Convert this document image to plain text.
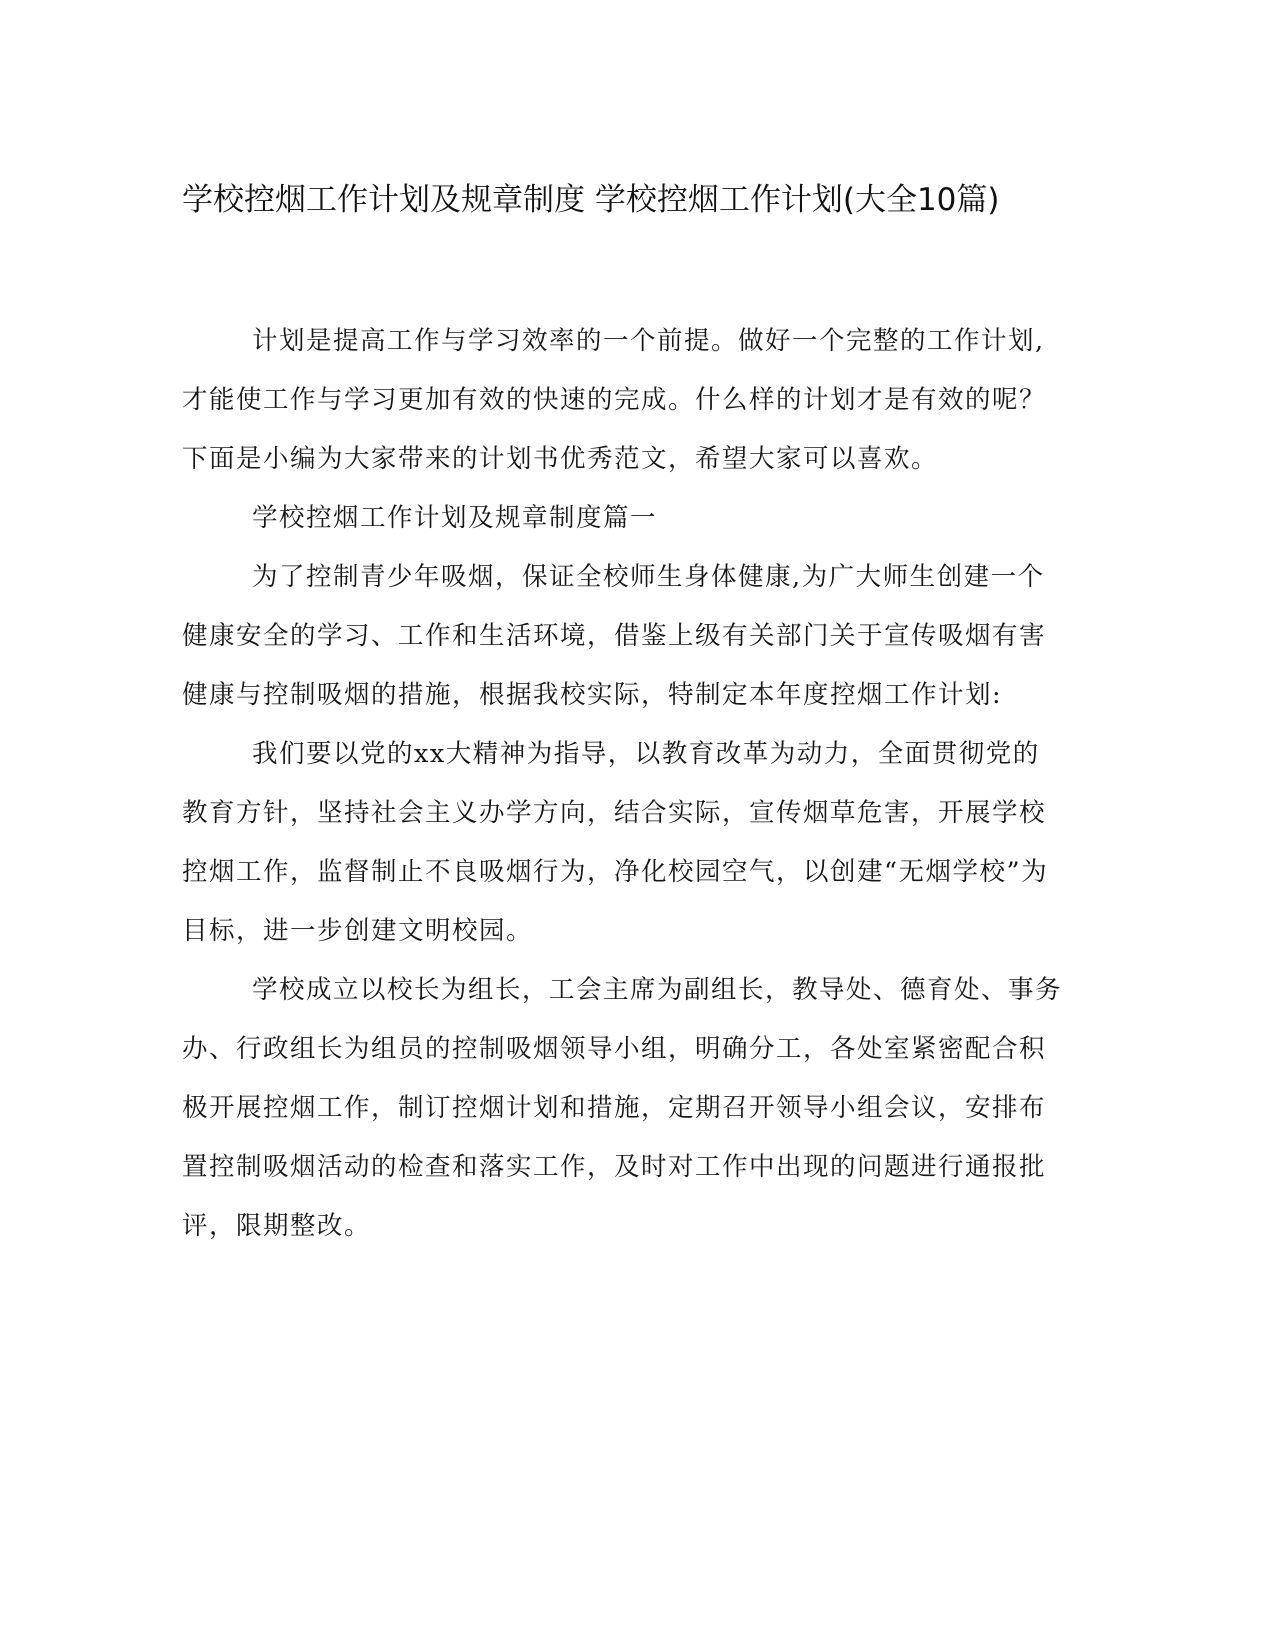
学校控烟工作计划及规章制度 学校控烟工作计划(大全10篇)

计划是提高工作与学习效率的一个前提。做好一个完整的工作计划,才能使工作与学习更加有效的快速的完成。什么样的计划才是有效的呢？下面是小编为大家带来的计划书优秀范文，希望大家可以喜欢。

学校控烟工作计划及规章制度篇一

为了控制青少年吸烟，保证全校师生身体健康,为广大师生创建一个健康安全的学习、工作和生活环境，借鉴上级有关部门关于宣传吸烟有害健康与控制吸烟的措施，根据我校实际，特制定本年度控烟工作计划:

我们要以党的xx大精神为指导，以教育改革为动力，全面贯彻党的教育方针，坚持社会主义办学方向，结合实际，宣传烟草危害，开展学校控烟工作，监督制止不良吸烟行为，净化校园空气，以创建“无烟学校”为目标，进一步创建文明校园。

学校成立以校长为组长，工会主席为副组长，教导处、德育处、事务办、行政组长为组员的控制吸烟领导小组，明确分工，各处室紧密配合积极开展控烟工作，制订控烟计划和措施，定期召开领导小组会议，安排布置控制吸烟活动的检查和落实工作，及时对工作中出现的问题进行通报批评，限期整改。
